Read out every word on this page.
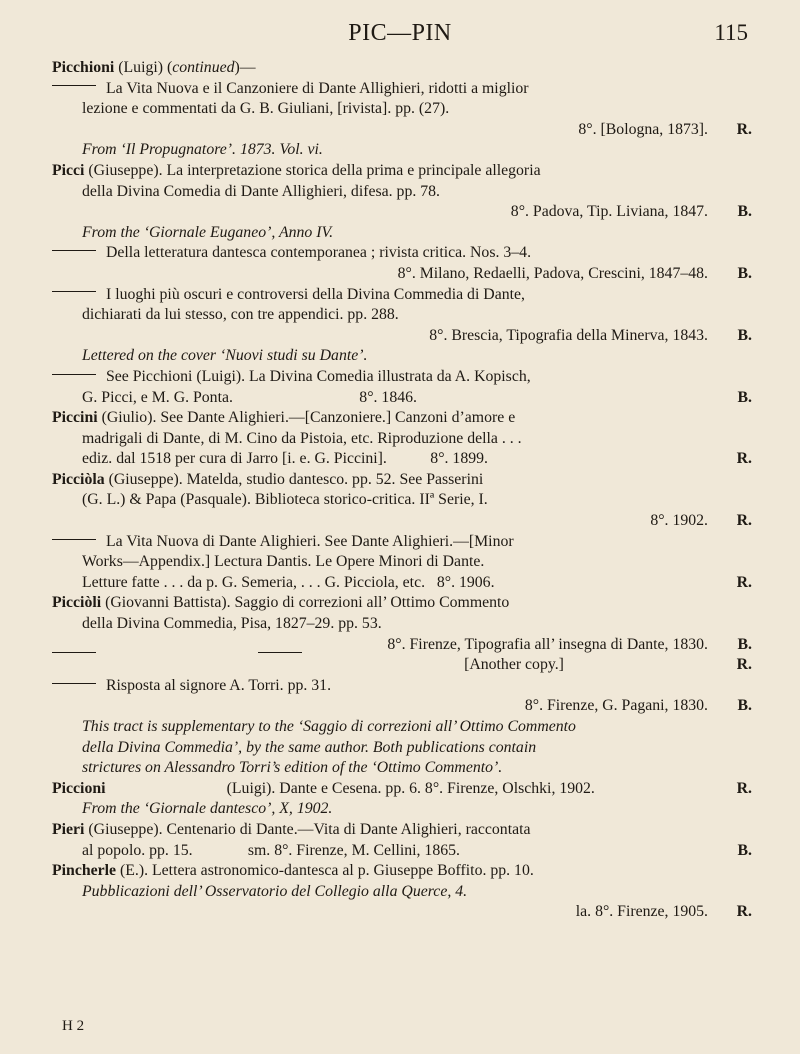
PIC—PIN	115
Picchioni (Luigi) (continued)—
La Vita Nuova e il Canzoniere di Dante Allighieri, ridotti a miglior
lezione e commentati da G. B. Giuliani, [rivista]. pp. (27).
8°. [Bologna, 1873].	R.
From ‘Il Propugnatore’. 1873. Vol. vi.
Picci (Giuseppe). La interpretazione storica della prima e principale allegoria
della Divina Comedia di Dante Allighieri, difesa. pp. 78.
8°. Padova, Tip. Liviana, 1847.	B.
From the ‘Giornale Euganeo’, Anno IV.
Della letteratura dantesca contemporanea ; rivista critica. Nos. 3–4.
8°. Milano, Redaelli, Padova, Crescini, 1847–48.	B.
I luoghi più oscuri e controversi della Divina Commedia di Dante,
dichiarati da lui stesso, con tre appendici. pp. 288.
8°. Brescia, Tipografia della Minerva, 1843.	B.
Lettered on the cover ‘Nuovi studi su Dante’.
See Picchioni (Luigi). La Divina Comedia illustrata da A. Kopisch,
G. Picci, e M. G. Ponta.                                8°. 1846.	B.
Piccini (Giulio). See Dante Alighieri.—[Canzoniere.] Canzoni d’amore e
madrigali di Dante, di M. Cino da Pistoia, etc. Riproduzione della . . .
ediz. dal 1518 per cura di Jarro [i. e. G. Piccini].           8°. 1899.	R.
Picciòla (Giuseppe). Matelda, studio dantesco. pp. 52. See Passerini
(G. L.) & Papa (Pasquale). Biblioteca storico-critica. IIª Serie, I.
8°. 1902.	R.
La Vita Nuova di Dante Alighieri. See Dante Alighieri.—[Minor
Works—Appendix.] Lectura Dantis. Le Opere Minori di Dante.
Letture fatte . . . da p. G. Semeria, . . . G. Picciola, etc.   8°. 1906.	R.
Picciòli (Giovanni Battista). Saggio di correzioni all’ Ottimo Commento
della Divina Commedia, Pisa, 1827–29. pp. 53.
8°. Firenze, Tipografia all’ insegna di Dante, 1830.	B.
[Another copy.]	R.
Risposta al signore A. Torri. pp. 31.
8°. Firenze, G. Pagani, 1830.	B.
This tract is supplementary to the ‘Saggio di correzioni all’ Ottimo Commento
della Divina Commedia’, by the same author. Both publications contain
strictures on Alessandro Torri’s edition of the ‘Ottimo Commento’.
Piccioni	(Luigi). Dante e Cesena. pp. 6. 8°. Firenze, Olschki, 1902.	R.
From the ‘Giornale dantesco’, X, 1902.
Pieri (Giuseppe). Centenario di Dante.—Vita di Dante Alighieri, raccontata
al popolo. pp. 15.              sm. 8°. Firenze, M. Cellini, 1865.	B.
Pincherle (E.). Lettera astronomico-dantesca al p. Giuseppe Boffito. pp. 10.
Pubblicazioni dell’ Osservatorio del Collegio alla Querce, 4.
la. 8°. Firenze, 1905.	R.
H 2
